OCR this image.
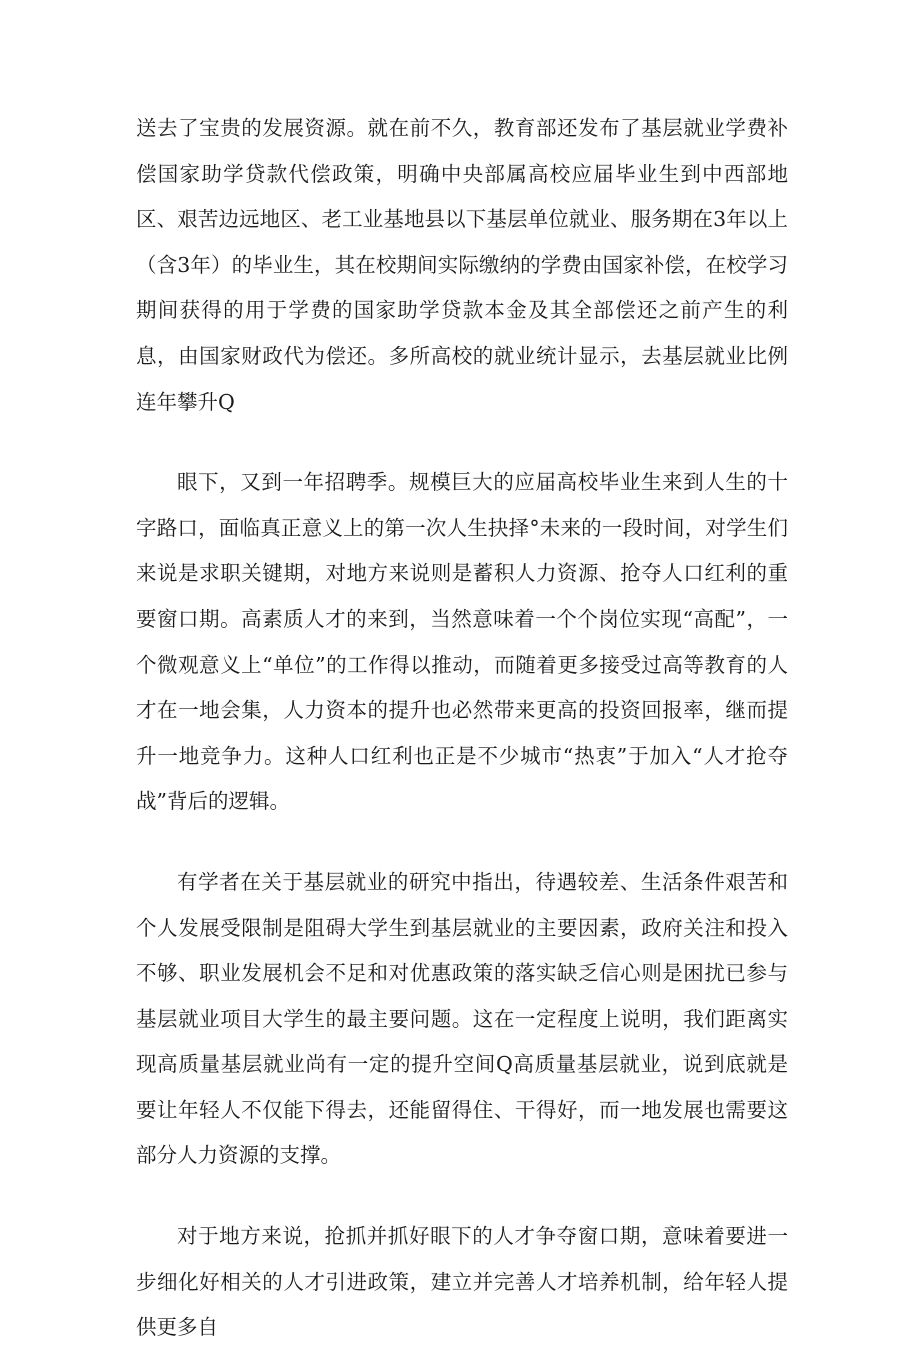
送去了宝贵的发展资源。就在前不久，教育部还发布了基层就业学费补偿国家助学贷款代偿政策，明确中央部属高校应届毕业生到中西部地区、艰苦边远地区、老工业基地县以下基层单位就业、服务期在3年以上（含3年）的毕业生，其在校期间实际缴纳的学费由国家补偿，在校学习期间获得的用于学费的国家助学贷款本金及其全部偿还之前产生的利息，由国家财政代为偿还。多所高校的就业统计显示，去基层就业比例连年攀升Q

眼下，又到一年招聘季。规模巨大的应届高校毕业生来到人生的十字路口，面临真正意义上的第一次人生抉择°未来的一段时间，对学生们来说是求职关键期，对地方来说则是蓄积人力资源、抢夺人口红利的重要窗口期。高素质人才的来到，当然意味着一个个岗位实现“高配”，一个微观意义上“单位”的工作得以推动，而随着更多接受过高等教育的人才在一地会集，人力资本的提升也必然带来更高的投资回报率，继而提升一地竞争力。这种人口红利也正是不少城市“热衷”于加入“人才抢夺战”背后的逻辑。

有学者在关于基层就业的研究中指出，待遇较差、生活条件艰苦和个人发展受限制是阻碍大学生到基层就业的主要因素，政府关注和投入不够、职业发展机会不足和对优惠政策的落实缺乏信心则是困扰已参与基层就业项目大学生的最主要问题。这在一定程度上说明，我们距离实现高质量基层就业尚有一定的提升空间Q高质量基层就业，说到底就是要让年轻人不仅能下得去，还能留得住、干得好，而一地发展也需要这部分人力资源的支撑。

对于地方来说，抢抓并抓好眼下的人才争夺窗口期，意味着要进一步细化好相关的人才引进政策，建立并完善人才培养机制，给年轻人提供更多自
